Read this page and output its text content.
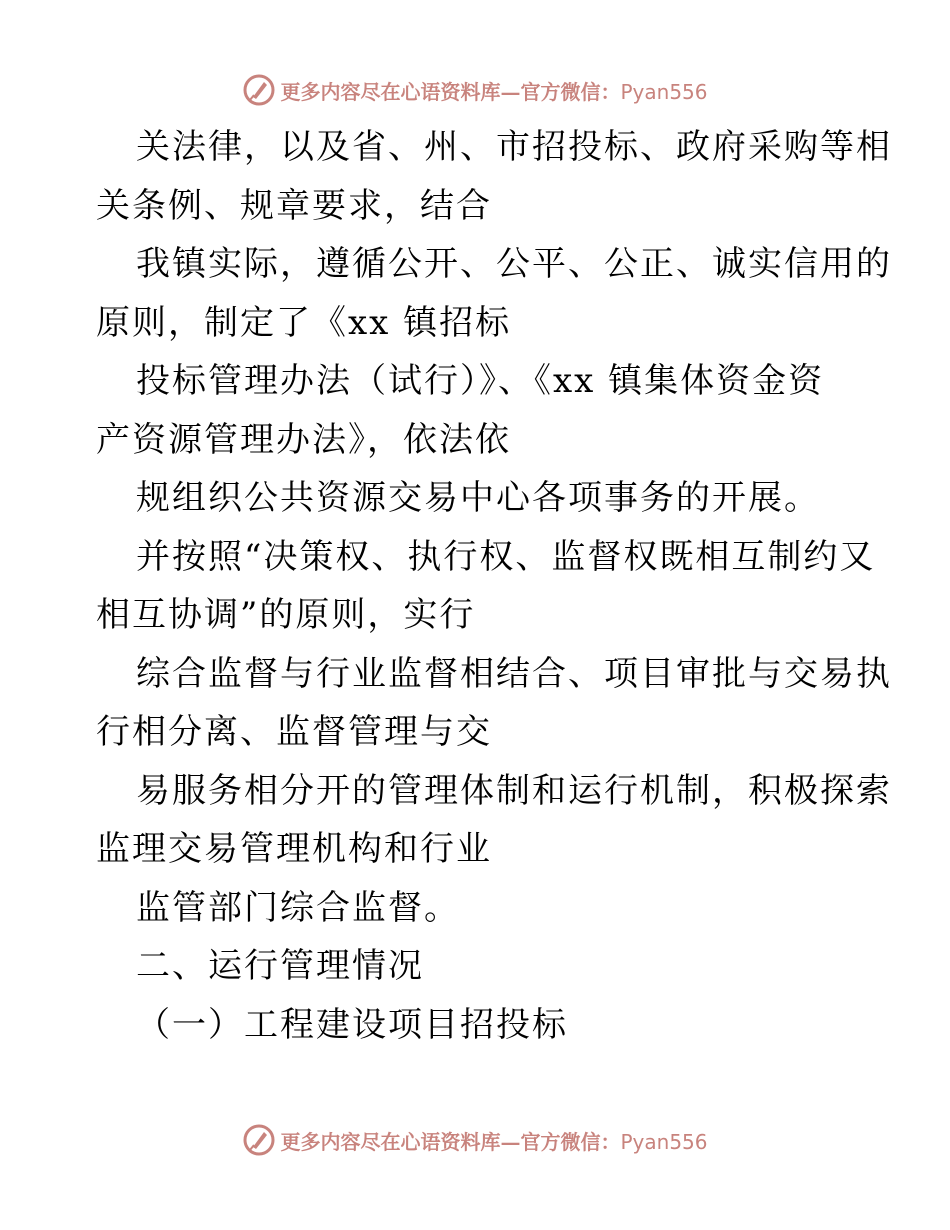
更多内容尽在心语资料库—官方微信：Pyan556
关法律，以及省、州、市招投标、政府采购等相
关条例、规章要求，结合
我镇实际，遵循公开、公平、公正、诚实信用的
原则，制定了《xx 镇招标
投标管理办法（试行）》、《xx 镇集体资金资
产资源管理办法》，依法依
规组织公共资源交易中心各项事务的开展。
并按照“决策权、执行权、监督权既相互制约又
相互协调”的原则，实行
综合监督与行业监督相结合、项目审批与交易执
行相分离、监督管理与交
易服务相分开的管理体制和运行机制，积极探索
监理交易管理机构和行业
监管部门综合监督。
二、运行管理情况
（一）工程建设项目招投标
更多内容尽在心语资料库—官方微信：Pyan556
